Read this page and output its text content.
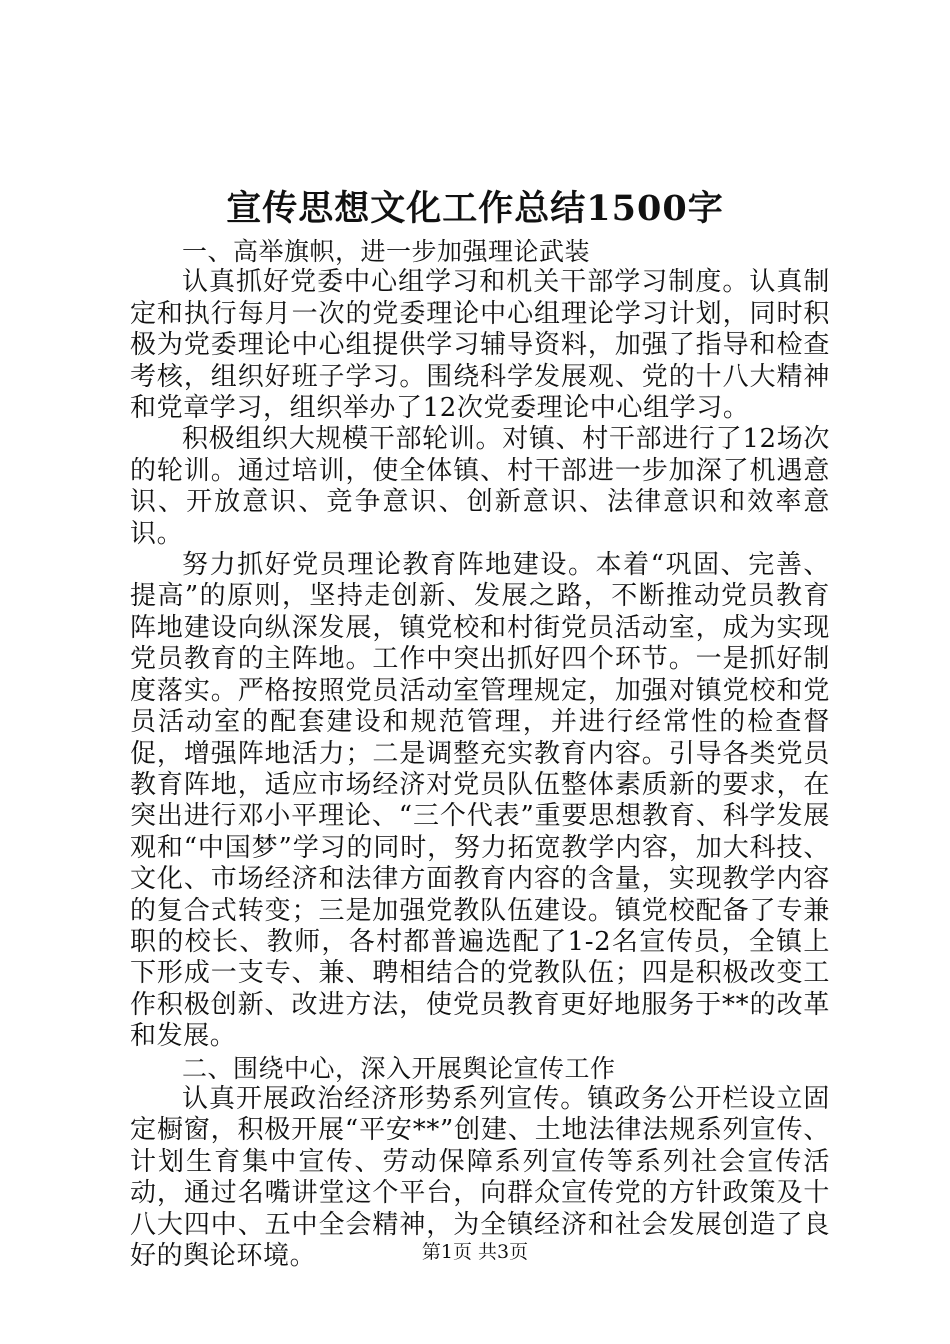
宣传思想文化工作总结1500字

一、高举旗帜，进一步加强理论武装

认真抓好党委中心组学习和机关干部学习制度。认真制定和执行每月一次的党委理论中心组理论学习计划，同时积极为党委理论中心组提供学习辅导资料，加强了指导和检查考核，组织好班子学习。围绕科学发展观、党的十八大精神和党章学习，组织举办了12次党委理论中心组学习。

积极组织大规模干部轮训。对镇、村干部进行了12场次的轮训。通过培训，使全体镇、村干部进一步加深了机遇意识、开放意识、竞争意识、创新意识、法律意识和效率意识。

努力抓好党员理论教育阵地建设。本着“巩固、完善、提高”的原则，坚持走创新、发展之路，不断推动党员教育阵地建设向纵深发展，镇党校和村街党员活动室，成为实现党员教育的主阵地。工作中突出抓好四个环节。一是抓好制度落实。严格按照党员活动室管理规定，加强对镇党校和党员活动室的配套建设和规范管理，并进行经常性的检查督促，增强阵地活力；二是调整充实教育内容。引导各类党员教育阵地，适应市场经济对党员队伍整体素质新的要求，在突出进行邓小平理论、“三个代表”重要思想教育、科学发展观和“中国梦”学习的同时，努力拓宽教学内容，加大科技、文化、市场经济和法律方面教育内容的含量，实现教学内容的复合式转变；三是加强党教队伍建设。镇党校配备了专兼职的校长、教师，各村都普遍选配了1-2名宣传员，全镇上下形成一支专、兼、聘相结合的党教队伍；四是积极改变工作积极创新、改进方法，使党员教育更好地服务于**的改革和发展。

二、围绕中心，深入开展舆论宣传工作

认真开展政治经济形势系列宣传。镇政务公开栏设立固定橱窗，积极开展“平安**”创建、土地法律法规系列宣传、计划生育集中宣传、劳动保障系列宣传等系列社会宣传活动，通过名嘴讲堂这个平台，向群众宣传党的方针政策及十八大四中、五中全会精神，为全镇经济和社会发展创造了良好的舆论环境。	第1页 共3页
